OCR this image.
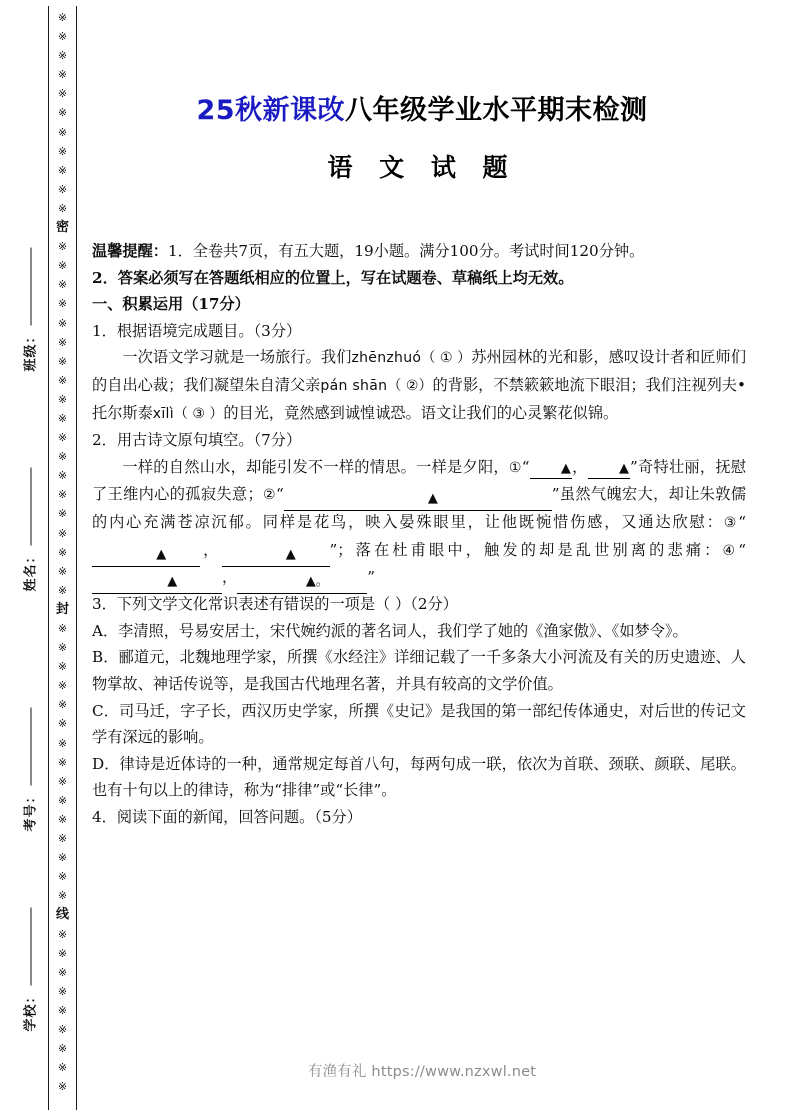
※
※
※
※
※
※
※
※
※
※
※
密
※
※
※
※
※
※
※
※
※
※
※
※
※
※
※
※
※
※
※
封
※
※
※
※
※
※
※
※
※
※
※
※
※
※
※
线
※
※
※
※
※
※
※
※
※
班级：
姓名：
考号：
学校：
25秋新课改八年级学业水平期末检测
语 文 试 题

温馨提醒：1．全卷共7页，有五大题，19小题。满分100分。考试时间120分钟。

2．答案必须写在答题纸相应的位置上，写在试题卷、草稿纸上均无效。

一、积累运用（17分）

1．根据语境完成题目。（3分）

一次语文学习就是一场旅行。我们zhēnzhuó（ ① ）苏州园林的光和影，感叹设计者和匠师们的自出心裁；我们凝望朱自清父亲pán shān（ ②）的背影，不禁簌簌地流下眼泪；我们注视列夫•托尔斯泰xīlì（ ③ ）的目光，竟然感到诚惶诚恐。语文让我们的心灵繁花似锦。

2．用古诗文原句填空。（7分）

一样的自然山水，却能引发不一样的情思。一样是夕阳，①“ ▲， ▲”奇特壮丽，抚慰了王维内心的孤寂失意；②“	▲	”虽然气魄宏大，却让朱敦儒的内心充满苍凉沉郁。同样是花鸟，映入晏殊眼里，让他既惋惜伤感，又通达欣慰：③“▲ ，	▲ ”；落在杜甫眼中，触发的却是乱世别离的悲痛：④“▲	，	▲。	”

3．下列文学文化常识表述有错误的一项是（ ）（2分）

A．李清照，号易安居士，宋代婉约派的著名词人，我们学了她的《渔家傲》、《如梦令》。

B．郦道元，北魏地理学家，所撰《水经注》详细记载了一千多条大小河流及有关的历史遗迹、人物掌故、神话传说等，是我国古代地理名著，并具有较高的文学价值。

C．司马迁，字子长，西汉历史学家，所撰《史记》是我国的第一部纪传体通史，对后世的传记文学有深远的影响。

D．律诗是近体诗的一种，通常规定每首八句，每两句成一联，依次为首联、颈联、颜联、尾联。也有十句以上的律诗，称为“排律”或“长律”。

4．阅读下面的新闻，回答问题。（5分）

有渔有礼 https://www.nzxwl.net
